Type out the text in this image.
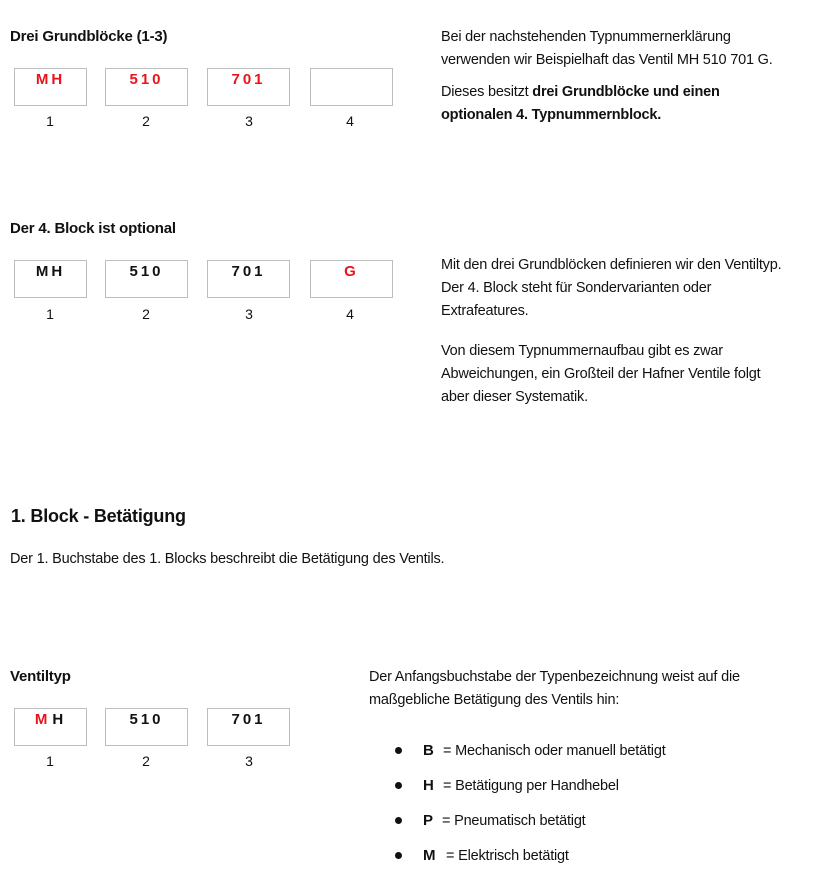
Drei Grundblöcke (1-3)
MH
1
510
2
701
3	4

Bei der nachstehenden Typnummernerklärung verwenden wir Beispielhaft das Ventil MH 510 701 G.

Dieses besitzt drei Grundblöcke und einen optionalen 4. Typnummernblock.

Der 4. Block ist optional
MH
1
510
2
701
3
G
4

Mit den drei Grundblöcken definieren wir den Ventiltyp. Der 4. Block steht für Sondervarianten oder Extrafeatures.

Von diesem Typnummernaufbau gibt es zwar Abweichungen, ein Großteil der Hafner Ventile folgt aber dieser Systematik.

1. Block - Betätigung
Der 1. Buchstabe des 1. Blocks beschreibt die Betätigung des Ventils.
Ventiltyp
M H
1
510
2
701
3
Der Anfangsbuchstabe der Typenbezeichnung weist auf die maßgebliche Betätigung des Ventils hin:
B = Mechanisch oder manuell betätigt
H = Betätigung per Handhebel
P = Pneumatisch betätigt
M = Elektrisch betätigt
